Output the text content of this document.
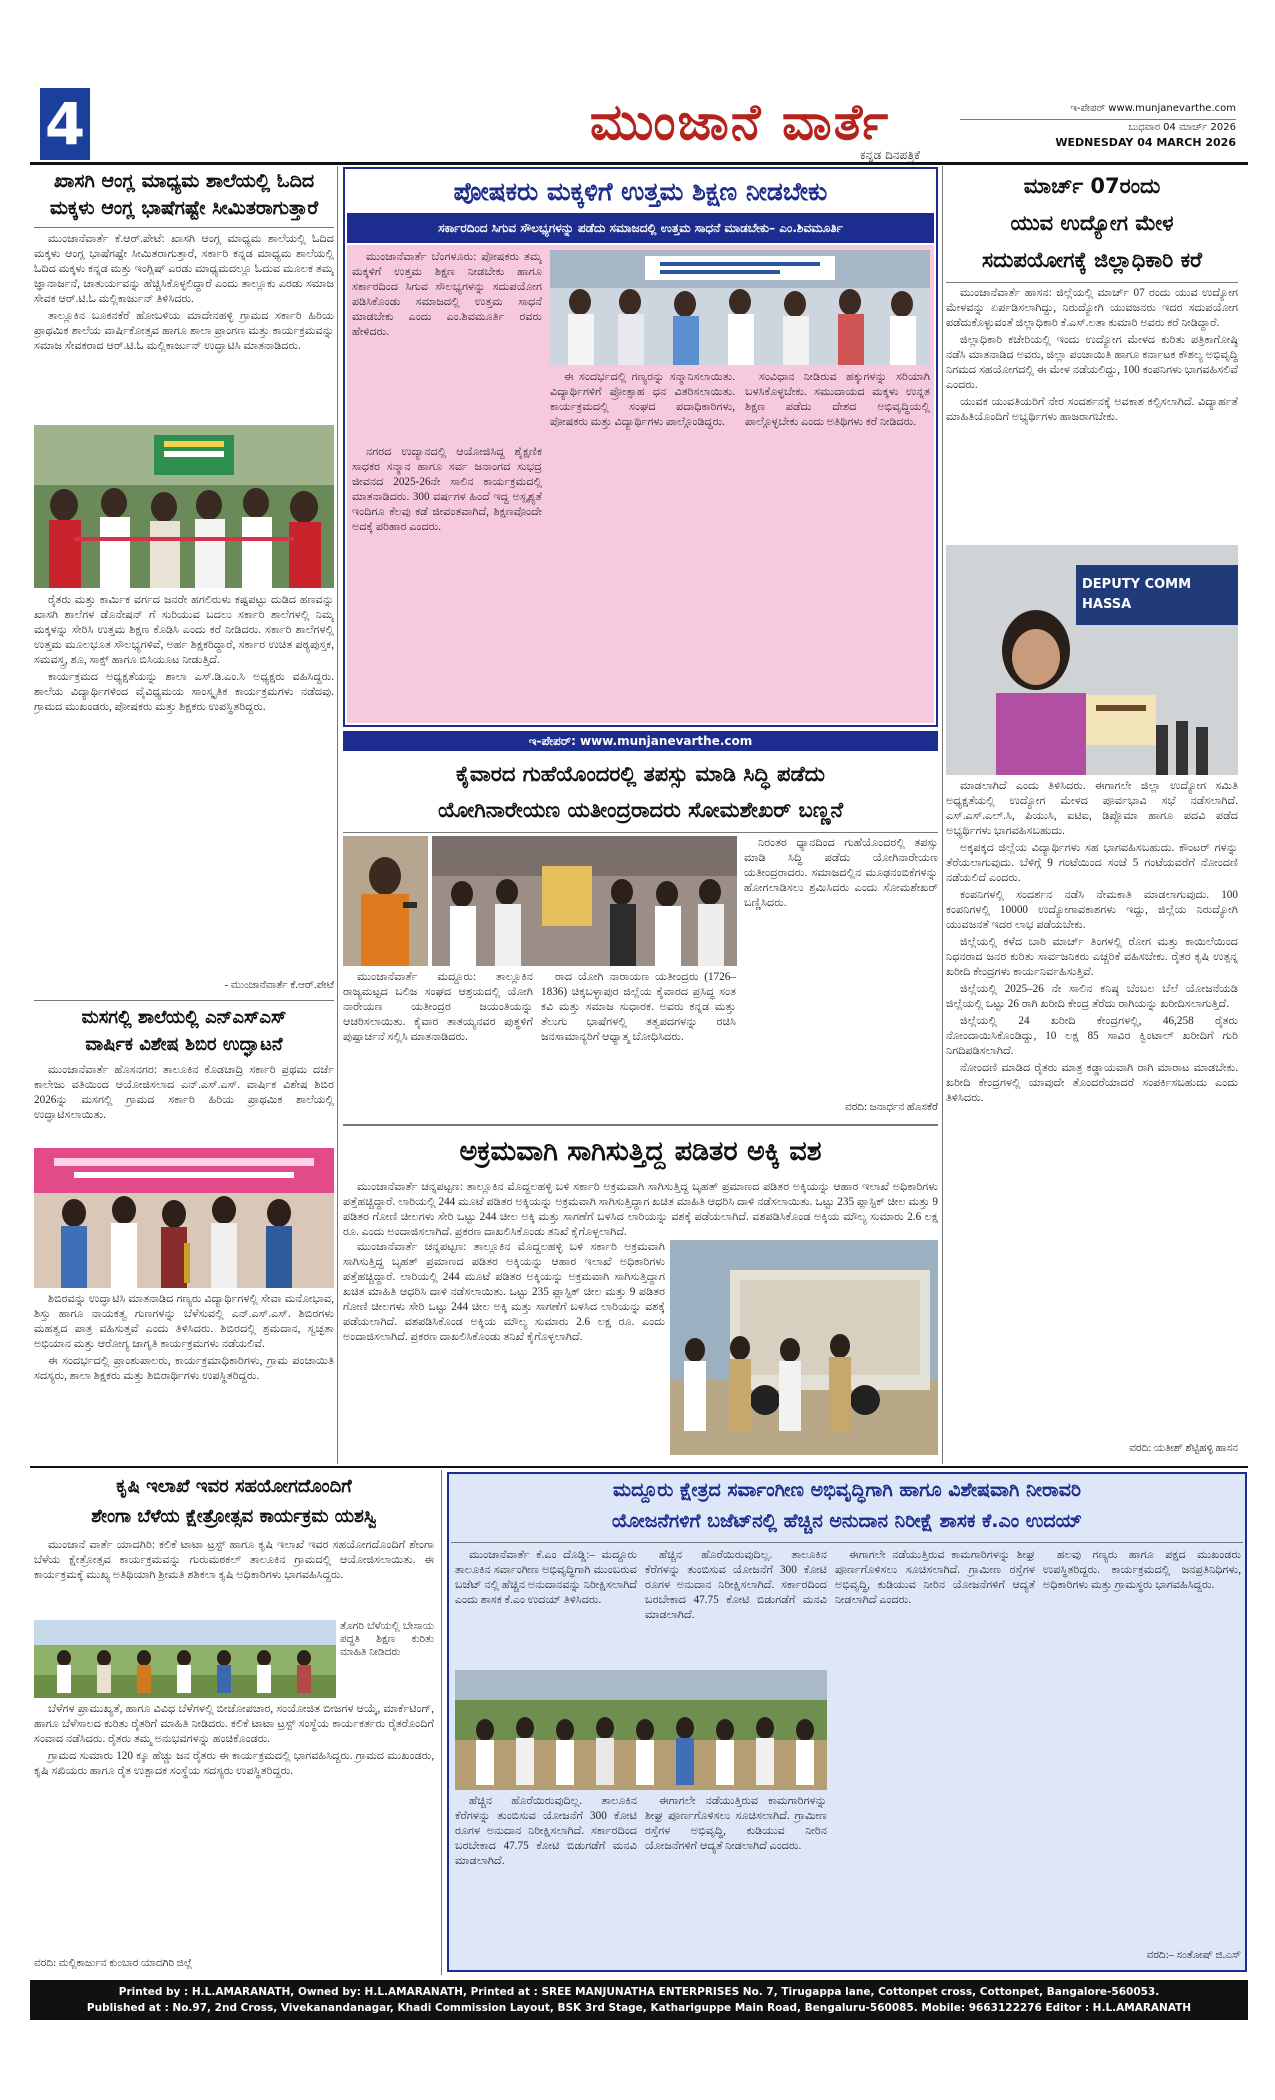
4	ಮುಂಜಾನೆ ವಾರ್ತೆ
ಕನ್ನಡ ದಿನಪತ್ರಿಕೆ
ಇ-ಪೇಪರ್ www.munjanevarthe.com
ಬುಧವಾರ 04 ಮಾರ್ಚ್ 2026
WEDNESDAY 04 MARCH 2026
ಖಾಸಗಿ ಆಂಗ್ಲ ಮಾಧ್ಯಮ ಶಾಲೆಯಲ್ಲಿ ಓದಿದ
ಮಕ್ಕಳು ಆಂಗ್ಲ ಭಾಷೆಗಷ್ಟೇ ಸೀಮಿತರಾಗುತ್ತಾರೆ

ಮುಂಜಾನೆವಾರ್ತೆ ಕೆ.ಆರ್.ಪೇಟೆ: ಖಾಸಗಿ ಆಂಗ್ಲ ಮಾಧ್ಯಮ ಶಾಲೆಯಲ್ಲಿ ಓದಿದ ಮಕ್ಕಳು ಆಂಗ್ಲ ಭಾಷೆಗಷ್ಟೇ ಸೀಮಿತರಾಗುತ್ತಾರೆ, ಸರ್ಕಾರಿ ಕನ್ನಡ ಮಾಧ್ಯಮ ಶಾಲೆಯಲ್ಲಿ ಓದಿದ ಮಕ್ಕಳು ಕನ್ನಡ ಮತ್ತು ಇಂಗ್ಲಿಷ್ ಎರಡು ಮಾಧ್ಯಮದಲ್ಲೂ ಓದುವ ಮೂಲಕ ತಮ್ಮ ಜ್ಞಾನಾರ್ಜನೆ, ಚಾತುರ್ಯವನ್ನು ಹೆಚ್ಚಿಸಿಕೊಳ್ಳಲಿದ್ದಾರೆ ಎಂದು ತಾಲ್ಲೂಕು ಎರಡು ಸಮಾಜ ಸೇವಕ ಆರ್.ಟಿ.ಓ ಮಲ್ಲಿಕಾರ್ಜುನ್ ತಿಳಿಸಿದರು.

ತಾಲ್ಲೂಕಿನ ಬೂಕನಕೆರೆ ಹೋಬಳಿಯ ಮಾದೇನಹಳ್ಳಿ ಗ್ರಾಮದ ಸರ್ಕಾರಿ ಹಿರಿಯ ಪ್ರಾಥಮಿಕ ಶಾಲೆಯ ವಾರ್ಷಿಕೋತ್ಸವ ಹಾಗೂ ಶಾಲಾ ಪ್ರಾಂಗಣ ಮತ್ತು ಕಾರ್ಯಕ್ರಮವನ್ನು ಸಮಾಜ ಸೇವಕರಾದ ಆರ್.ಟಿ.ಓ ಮಲ್ಲಿಕಾರ್ಜುನ್ ಉದ್ಘಾಟಿಸಿ ಮಾತನಾಡಿದರು.

ರೈತರು ಮತ್ತು ಕಾರ್ಮಿಕ ವರ್ಗದ ಜನರೇ ಹಗಲಿರುಳು ಕಷ್ಟಪಟ್ಟು ದುಡಿದ ಹಣವನ್ನು ಖಾಸಗಿ ಶಾಲೆಗಳ ಡೊನೇಷನ್ ಗೆ ಸುರಿಯುವ ಬದಲು ಸರ್ಕಾರಿ ಶಾಲೆಗಳಲ್ಲಿ ನಿಮ್ಮ ಮಕ್ಕಳನ್ನು ಸೇರಿಸಿ ಉತ್ತಮ ಶಿಕ್ಷಣ ಕೊಡಿಸಿ ಎಂದು ಕರೆ ನೀಡಿದರು. ಸರ್ಕಾರಿ ಶಾಲೆಗಳಲ್ಲಿ ಉತ್ತಮ ಮೂಲಭೂತ ಸೌಲಭ್ಯಗಳಿವೆ, ಅರ್ಹ ಶಿಕ್ಷಕರಿದ್ದಾರೆ, ಸರ್ಕಾರ ಉಚಿತ ಪಠ್ಯಪುಸ್ತಕ, ಸಮವಸ್ತ್ರ, ಶೂ, ಸಾಕ್ಸ್ ಹಾಗೂ ಬಿಸಿಯೂಟ ನೀಡುತ್ತಿದೆ.

ಕಾರ್ಯಕ್ರಮದ ಅಧ್ಯಕ್ಷತೆಯನ್ನು ಶಾಲಾ ಎಸ್.ಡಿ.ಎಂ.ಸಿ ಅಧ್ಯಕ್ಷರು ವಹಿಸಿದ್ದರು. ಶಾಲೆಯ ವಿದ್ಯಾರ್ಥಿಗಳಿಂದ ವೈವಿಧ್ಯಮಯ ಸಾಂಸ್ಕೃತಿಕ ಕಾರ್ಯಕ್ರಮಗಳು ನಡೆದವು. ಗ್ರಾಮದ ಮುಖಂಡರು, ಪೋಷಕರು ಮತ್ತು ಶಿಕ್ಷಕರು ಉಪಸ್ಥಿತರಿದ್ದರು.

- ಮುಂಜಾನೆವಾರ್ತೆ ಕೆ.ಆರ್.ಪೇಟೆ
ಮಸಗಲ್ಲಿ ಶಾಲೆಯಲ್ಲಿ ಎನ್‌ಎಸ್‌ಎಸ್
ವಾರ್ಷಿಕ ವಿಶೇಷ ಶಿಬಿರ ಉದ್ಘಾಟನೆ

ಮುಂಜಾನೆವಾರ್ತೆ ಹೊಸನಗರ: ತಾಲೂಕಿನ ಕೊಡಚಾದ್ರಿ ಸರ್ಕಾರಿ ಪ್ರಥಮ ದರ್ಜೆ ಕಾಲೇಜು ವತಿಯಿಂದ ಆಯೋಜಿಸಲಾದ ಎನ್.ಎಸ್.ಎಸ್. ವಾರ್ಷಿಕ ವಿಶೇಷ ಶಿಬಿರ 2026ನ್ನು ಮಸಗಲ್ಲಿ ಗ್ರಾಮದ ಸರ್ಕಾರಿ ಹಿರಿಯ ಪ್ರಾಥಮಿಕ ಶಾಲೆಯಲ್ಲಿ ಉದ್ಘಾಟಿಸಲಾಯಿತು.

ಶಿಬಿರವನ್ನು ಉದ್ಘಾಟಿಸಿ ಮಾತನಾಡಿದ ಗಣ್ಯರು ವಿದ್ಯಾರ್ಥಿಗಳಲ್ಲಿ ಸೇವಾ ಮನೋಭಾವ, ಶಿಸ್ತು ಹಾಗೂ ನಾಯಕತ್ವ ಗುಣಗಳನ್ನು ಬೆಳೆಸುವಲ್ಲಿ ಎನ್.ಎಸ್.ಎಸ್. ಶಿಬಿರಗಳು ಮಹತ್ವದ ಪಾತ್ರ ವಹಿಸುತ್ತವೆ ಎಂದು ತಿಳಿಸಿದರು. ಶಿಬಿರದಲ್ಲಿ ಶ್ರಮದಾನ, ಸ್ವಚ್ಛತಾ ಅಭಿಯಾನ ಮತ್ತು ಆರೋಗ್ಯ ಜಾಗೃತಿ ಕಾರ್ಯಕ್ರಮಗಳು ನಡೆಯಲಿವೆ.

ಈ ಸಂದರ್ಭದಲ್ಲಿ ಪ್ರಾಂಶುಪಾಲರು, ಕಾರ್ಯಕ್ರಮಾಧಿಕಾರಿಗಳು, ಗ್ರಾಮ ಪಂಚಾಯಿತಿ ಸದಸ್ಯರು, ಶಾಲಾ ಶಿಕ್ಷಕರು ಮತ್ತು ಶಿಬಿರಾರ್ಥಿಗಳು ಉಪಸ್ಥಿತರಿದ್ದರು.

ಪೋಷಕರು ಮಕ್ಕಳಿಗೆ ಉತ್ತಮ ಶಿಕ್ಷಣ ನೀಡಬೇಕು
ಸರ್ಕಾರದಿಂದ ಸಿಗುವ ಸೌಲಭ್ಯಗಳನ್ನು ಪಡೆದು ಸಮಾಜದಲ್ಲಿ ಉತ್ತಮ ಸಾಧನೆ ಮಾಡಬೇಕು– ಎಂ.ಶಿವಮೂರ್ತಿ

ಮುಂಜಾನೆವಾರ್ತೆ ಬೆಂಗಳೂರು: ಪೋಷಕರು ತಮ್ಮ ಮಕ್ಕಳಿಗೆ ಉತ್ತಮ ಶಿಕ್ಷಣ ನೀಡಬೇಕು ಹಾಗೂ ಸರ್ಕಾರದಿಂದ ಸಿಗುವ ಸೌಲಭ್ಯಗಳನ್ನು ಸದುಪಯೋಗ ಪಡಿಸಿಕೊಂಡು ಸಮಾಜದಲ್ಲಿ ಉತ್ತಮ ಸಾಧನೆ ಮಾಡಬೇಕು ಎಂದು ಎಂ.ಶಿವಮೂರ್ತಿ ರವರು ಹೇಳಿದರು.

ನಗರದ ಉದ್ಯಾನದಲ್ಲಿ ಆಯೋಜಿಸಿದ್ದ ಶೈಕ್ಷಣಿಕ ಸಾಧಕರ ಸನ್ಮಾನ ಹಾಗೂ ಸರ್ವ ಜನಾಂಗದ ಸುಭದ್ರ ಜೀವನದ 2025-26ನೇ ಸಾಲಿನ ಕಾರ್ಯಕ್ರಮದಲ್ಲಿ ಮಾತನಾಡಿದರು. 300 ವರ್ಷಗಳ ಹಿಂದೆ ಇದ್ದ ಅಸ್ಪೃಶ್ಯತೆ ಇಂದಿಗೂ ಕೆಲವು ಕಡೆ ಜೀವಂತವಾಗಿದೆ, ಶಿಕ್ಷಣವೊಂದೇ ಅದಕ್ಕೆ ಪರಿಹಾರ ಎಂದರು.

ಈ ಸಂದರ್ಭದಲ್ಲಿ ಗಣ್ಯರನ್ನು ಸನ್ಮಾನಿಸಲಾಯಿತು. ವಿದ್ಯಾರ್ಥಿಗಳಿಗೆ ಪ್ರೋತ್ಸಾಹ ಧನ ವಿತರಿಸಲಾಯಿತು. ಕಾರ್ಯಕ್ರಮದಲ್ಲಿ ಸಂಘದ ಪದಾಧಿಕಾರಿಗಳು, ಪೋಷಕರು ಮತ್ತು ವಿದ್ಯಾರ್ಥಿಗಳು ಪಾಲ್ಗೊಂಡಿದ್ದರು.

ಸಂವಿಧಾನ ನೀಡಿರುವ ಹಕ್ಕುಗಳನ್ನು ಸರಿಯಾಗಿ ಬಳಸಿಕೊಳ್ಳಬೇಕು. ಸಮುದಾಯದ ಮಕ್ಕಳು ಉನ್ನತ ಶಿಕ್ಷಣ ಪಡೆದು ದೇಶದ ಅಭಿವೃದ್ಧಿಯಲ್ಲಿ ಪಾಲ್ಗೊಳ್ಳಬೇಕು ಎಂದು ಅತಿಥಿಗಳು ಕರೆ ನೀಡಿದರು.

ಇ-ಪೇಪರ್: www.munjanevarthe.com
ಕೈವಾರದ ಗುಹೆಯೊಂದರಲ್ಲಿ ತಪಸ್ಸು ಮಾಡಿ ಸಿದ್ಧಿ ಪಡೆದು
ಯೋಗಿನಾರೇಯಣ ಯತೀಂದ್ರರಾದರು ಸೋಮಶೇಖರ್ ಬಣ್ಣನೆ

ಮುಂಜಾನೆವಾರ್ತೆ ಮದ್ದೂರು: ತಾಲ್ಲೂಕಿನ ರಾಜ್ಯಮಟ್ಟದ ಬಲಿಜ ಸಂಘದ ಆಶ್ರಯದಲ್ಲಿ ಯೋಗಿ ನಾರೇಯಣ ಯತೀಂದ್ರರ ಜಯಂತಿಯನ್ನು ಆಚರಿಸಲಾಯಿತು. ಕೈವಾರ ತಾತಯ್ಯನವರ ಪುತ್ಥಳಿಗೆ ಪುಷ್ಪಾರ್ಚನೆ ಸಲ್ಲಿಸಿ ಮಾತನಾಡಿದರು.

ರಾದ ಯೋಗಿ ನಾರಾಯಣ ಯತೀಂದ್ರರು (1726–1836) ಚಿಕ್ಕಬಳ್ಳಾಪುರ ಜಿಲ್ಲೆಯ ಕೈವಾರದ ಪ್ರಸಿದ್ಧ ಸಂತ ಕವಿ ಮತ್ತು ಸಮಾಜ ಸುಧಾರಕ. ಅವರು ಕನ್ನಡ ಮತ್ತು ತೆಲುಗು ಭಾಷೆಗಳಲ್ಲಿ ತತ್ವಪದಗಳನ್ನು ರಚಿಸಿ ಜನಸಾಮಾನ್ಯರಿಗೆ ಆಧ್ಯಾತ್ಮ ಬೋಧಿಸಿದರು.

ನಿರಂತರ ಧ್ಯಾನದಿಂದ ಗುಹೆಯೊಂದರಲ್ಲಿ ತಪಸ್ಸು ಮಾಡಿ ಸಿದ್ಧಿ ಪಡೆದು ಯೋಗಿನಾರೇಯಣ ಯತೀಂದ್ರರಾದರು. ಸಮಾಜದಲ್ಲಿನ ಮೂಢನಂಬಿಕೆಗಳನ್ನು ಹೋಗಲಾಡಿಸಲು ಶ್ರಮಿಸಿದರು ಎಂದು ಸೋಮಶೇಖರ್ ಬಣ್ಣಿಸಿದರು.

ವರದಿ: ಜನಾರ್ಧನ ಹೊಸಕೆರೆ
ಅಕ್ರಮವಾಗಿ ಸಾಗಿಸುತ್ತಿದ್ದ ಪಡಿತರ ಅಕ್ಕಿ ವಶ

ಮುಂಜಾನೆವಾರ್ತೆ ಚನ್ನಪಟ್ಟಣ: ತಾಲ್ಲೂಕಿನ ಮೊದ್ದಲಹಳ್ಳಿ ಬಳಿ ಸರ್ಕಾರಿ ಅಕ್ರಮವಾಗಿ ಸಾಗಿಸುತ್ತಿದ್ದ ಬೃಹತ್ ಪ್ರಮಾಣದ ಪಡಿತರ ಅಕ್ಕಿಯನ್ನು ಆಹಾರ ಇಲಾಖೆ ಅಧಿಕಾರಿಗಳು ಪತ್ತೆಹಚ್ಚಿದ್ದಾರೆ. ಲಾರಿಯಲ್ಲಿ 244 ಮೂಟೆ ಪಡಿತರ ಅಕ್ಕಿಯನ್ನು ಅಕ್ರಮವಾಗಿ ಸಾಗಿಸುತ್ತಿದ್ದಾಗ ಖಚಿತ ಮಾಹಿತಿ ಆಧರಿಸಿ ದಾಳಿ ನಡೆಸಲಾಯಿತು. ಒಟ್ಟು 235 ಪ್ಲಾಸ್ಟಿಕ್ ಚೀಲ ಮತ್ತು 9 ಪಡಿತರ ಗೋಣಿ ಚೀಲಗಳು ಸೇರಿ ಒಟ್ಟು 244 ಚೀಲ ಅಕ್ಕಿ ಮತ್ತು ಸಾಗಣೆಗೆ ಬಳಸಿದ ಲಾರಿಯನ್ನು ವಶಕ್ಕೆ ಪಡೆಯಲಾಗಿದೆ. ವಶಪಡಿಸಿಕೊಂಡ ಅಕ್ಕಿಯ ಮೌಲ್ಯ ಸುಮಾರು 2.6 ಲಕ್ಷ ರೂ. ಎಂದು ಅಂದಾಜಿಸಲಾಗಿದೆ. ಪ್ರಕರಣ ದಾಖಲಿಸಿಕೊಂಡು ತನಿಖೆ ಕೈಗೊಳ್ಳಲಾಗಿದೆ.

ಮುಂಜಾನೆವಾರ್ತೆ ಚನ್ನಪಟ್ಟಣ: ತಾಲ್ಲೂಕಿನ ಮೊದ್ದಲಹಳ್ಳಿ ಬಳಿ ಸರ್ಕಾರಿ ಅಕ್ರಮವಾಗಿ ಸಾಗಿಸುತ್ತಿದ್ದ ಬೃಹತ್ ಪ್ರಮಾಣದ ಪಡಿತರ ಅಕ್ಕಿಯನ್ನು ಆಹಾರ ಇಲಾಖೆ ಅಧಿಕಾರಿಗಳು ಪತ್ತೆಹಚ್ಚಿದ್ದಾರೆ. ಲಾರಿಯಲ್ಲಿ 244 ಮೂಟೆ ಪಡಿತರ ಅಕ್ಕಿಯನ್ನು ಅಕ್ರಮವಾಗಿ ಸಾಗಿಸುತ್ತಿದ್ದಾಗ ಖಚಿತ ಮಾಹಿತಿ ಆಧರಿಸಿ ದಾಳಿ ನಡೆಸಲಾಯಿತು. ಒಟ್ಟು 235 ಪ್ಲಾಸ್ಟಿಕ್ ಚೀಲ ಮತ್ತು 9 ಪಡಿತರ ಗೋಣಿ ಚೀಲಗಳು ಸೇರಿ ಒಟ್ಟು 244 ಚೀಲ ಅಕ್ಕಿ ಮತ್ತು ಸಾಗಣೆಗೆ ಬಳಸಿದ ಲಾರಿಯನ್ನು ವಶಕ್ಕೆ ಪಡೆಯಲಾಗಿದೆ. ವಶಪಡಿಸಿಕೊಂಡ ಅಕ್ಕಿಯ ಮೌಲ್ಯ ಸುಮಾರು 2.6 ಲಕ್ಷ ರೂ. ಎಂದು ಅಂದಾಜಿಸಲಾಗಿದೆ. ಪ್ರಕರಣ ದಾಖಲಿಸಿಕೊಂಡು ತನಿಖೆ ಕೈಗೊಳ್ಳಲಾಗಿದೆ.

ಮಾರ್ಚ್ 07ರಂದು
ಯುವ ಉದ್ಯೋಗ ಮೇಳ
ಸದುಪಯೋಗಕ್ಕೆ ಜಿಲ್ಲಾಧಿಕಾರಿ ಕರೆ

ಮುಂಜಾನೆವಾರ್ತೆ ಹಾಸನ: ಜಿಲ್ಲೆಯಲ್ಲಿ ಮಾರ್ಚ್ 07 ರಂದು ಯುವ ಉದ್ಯೋಗ ಮೇಳವನ್ನು ಏರ್ಪಡಿಸಲಾಗಿದ್ದು, ನಿರುದ್ಯೋಗಿ ಯುವಜನರು ಇದರ ಸದುಪಯೋಗ ಪಡೆದುಕೊಳ್ಳುವಂತೆ ಜಿಲ್ಲಾಧಿಕಾರಿ ಕೆ.ಎಸ್.ಲತಾ ಕುಮಾರಿ ಅವರು ಕರೆ ನೀಡಿದ್ದಾರೆ.

ಜಿಲ್ಲಾಧಿಕಾರಿ ಕಚೇರಿಯಲ್ಲಿ ಇಂದು ಉದ್ಯೋಗ ಮೇಳದ ಕುರಿತು ಪತ್ರಿಕಾಗೋಷ್ಠಿ ನಡೆಸಿ ಮಾತನಾಡಿದ ಅವರು, ಜಿಲ್ಲಾ ಪಂಚಾಯಿತಿ ಹಾಗೂ ಕರ್ನಾಟಕ ಕೌಶಲ್ಯ ಅಭಿವೃದ್ಧಿ ನಿಗಮದ ಸಹಯೋಗದಲ್ಲಿ ಈ ಮೇಳ ನಡೆಯಲಿದ್ದು, 100 ಕಂಪನಿಗಳು ಭಾಗವಹಿಸಲಿವೆ ಎಂದರು.

ಯುವಕ ಯುವತಿಯರಿಗೆ ನೇರ ಸಂದರ್ಶನಕ್ಕೆ ಅವಕಾಶ ಕಲ್ಪಿಸಲಾಗಿದೆ. ವಿದ್ಯಾರ್ಹತೆ ಮಾಹಿತಿಯೊಂದಿಗೆ ಅಭ್ಯರ್ಥಿಗಳು ಹಾಜರಾಗಬೇಕು.

DEPUTY COMM HASSA

ಮಾಡಲಾಗಿದೆ ಎಂದು ತಿಳಿಸಿದರು. ಈಗಾಗಲೇ ಜಿಲ್ಲಾ ಉದ್ಯೋಗ ಸಮಿತಿ ಅಧ್ಯಕ್ಷತೆಯಲ್ಲಿ ಉದ್ಯೋಗ ಮೇಳದ ಪೂರ್ವಭಾವಿ ಸಭೆ ನಡೆಸಲಾಗಿದೆ. ಎಸ್.ಎಸ್.ಎಲ್.ಸಿ, ಪಿಯುಸಿ, ಐಟಿಐ, ಡಿಪ್ಲೊಮಾ ಹಾಗೂ ಪದವಿ ಪಡೆದ ಅಭ್ಯರ್ಥಿಗಳು ಭಾಗವಹಿಸಬಹುದು.

ಅಕ್ಕಪಕ್ಕದ ಜಿಲ್ಲೆಯ ವಿದ್ಯಾರ್ಥಿಗಳು ಸಹ ಭಾಗವಹಿಸಬಹುದು. ಕೌಂಟರ್ ಗಳನ್ನು ತೆರೆಯಲಾಗುವುದು. ಬೆಳಿಗ್ಗೆ 9 ಗಂಟೆಯಿಂದ ಸಂಜೆ 5 ಗಂಟೆಯವರೆಗೆ ನೋಂದಣಿ ನಡೆಯಲಿದೆ ಎಂದರು.

ಕಂಪನಿಗಳಲ್ಲಿ ಸಂದರ್ಶನ ನಡೆಸಿ ನೇಮಕಾತಿ ಮಾಡಲಾಗುವುದು. 100 ಕಂಪನಿಗಳಲ್ಲಿ 10000 ಉದ್ಯೋಗಾವಕಾಶಗಳು ಇದ್ದು, ಜಿಲ್ಲೆಯ ನಿರುದ್ಯೋಗಿ ಯುವಜನತೆ ಇದರ ಲಾಭ ಪಡೆಯಬೇಕು.

ಜಿಲ್ಲೆಯಲ್ಲಿ ಕಳೆದ ಬಾರಿ ಮಾರ್ಚ್ ತಿಂಗಳಲ್ಲಿ ರೋಗ ಮತ್ತು ಕಾಯಿಲೆಯಿಂದ ನಿಧನರಾದ ಜನರ ಕುರಿತು ಸಾರ್ವಜನಿಕರು ಎಚ್ಚರಿಕೆ ವಹಿಸಬೇಕು. ರೈತರ ಕೃಷಿ ಉತ್ಪನ್ನ ಖರೀದಿ ಕೇಂದ್ರಗಳು ಕಾರ್ಯನಿರ್ವಹಿಸುತ್ತಿವೆ.

ಜಿಲ್ಲೆಯಲ್ಲಿ 2025–26 ನೇ ಸಾಲಿನ ಕನಿಷ್ಠ ಬೆಂಬಲ ಬೆಲೆ ಯೋಜನೆಯಡಿ ಜಿಲ್ಲೆಯಲ್ಲಿ ಒಟ್ಟು 26 ರಾಗಿ ಖರೀದಿ ಕೇಂದ್ರ ತೆರೆದು ರಾಗಿಯನ್ನು ಖರೀದಿಸಲಾಗುತ್ತಿದೆ.

ಜಿಲ್ಲೆಯಲ್ಲಿ 24 ಖರೀದಿ ಕೇಂದ್ರಗಳಲ್ಲಿ, 46,258 ರೈತರು ನೋಂದಾಯಿಸಿಕೊಂಡಿದ್ದು, 10 ಲಕ್ಷ 85 ಸಾವಿರ ಕ್ವಿಂಟಾಲ್ ಖರೀದಿಗೆ ಗುರಿ ನಿಗದಿಪಡಿಸಲಾಗಿದೆ.

ನೋಂದಣಿ ಮಾಡಿದ ರೈತರು ಮಾತ್ರ ಕಡ್ಡಾಯವಾಗಿ ರಾಗಿ ಮಾರಾಟ ಮಾಡಬೇಕು. ಖರೀದಿ ಕೇಂದ್ರಗಳಲ್ಲಿ ಯಾವುದೇ ತೊಂದರೆಯಾದರೆ ಸಂಪರ್ಕಿಸಬಹುದು ಎಂದು ತಿಳಿಸಿದರು.

ವರದಿ: ಯತೀಶ್ ಶೆಟ್ಟಿಹಳ್ಳಿ ಹಾಸನ
ಕೃಷಿ ಇಲಾಖೆ ಇವರ ಸಹಯೋಗದೊಂದಿಗೆ
ಶೇಂಗಾ ಬೆಳೆಯ ಕ್ಷೇತ್ರೋತ್ಸವ ಕಾರ್ಯಕ್ರಮ ಯಶಸ್ವಿ

ಮುಂಜಾನೆ ವಾರ್ತೆ ಯಾದಗಿರಿ: ಕಲಿಕೆ ಟಾಟಾ ಟ್ರಸ್ಟ್ ಹಾಗೂ ಕೃಷಿ ಇಲಾಖೆ ಇವರ ಸಹಯೋಗದೊಂದಿಗೆ ಶೇಂಗಾ ಬೆಳೆಯ ಕ್ಷೇತ್ರೋತ್ಸವ ಕಾರ್ಯಕ್ರಮವನ್ನು ಗುರುಮಠಕಲ್ ತಾಲೂಕಿನ ಗ್ರಾಮದಲ್ಲಿ ಆಯೋಜಿಸಲಾಯಿತು. ಈ ಕಾರ್ಯಕ್ರಮಕ್ಕೆ ಮುಖ್ಯ ಅತಿಥಿಯಾಗಿ ಶ್ರೀಮತಿ ಶಶಿಕಲಾ ಕೃಷಿ ಅಧಿಕಾರಿಗಳು ಭಾಗವಹಿಸಿದ್ದರು.

ತೊಗರಿ ಬೆಳೆಯಲ್ಲಿ ಬೇಸಾಯ ಪದ್ಧತಿ ಶಿಕ್ಷಣ ಕುರಿತು ಮಾಹಿತಿ ನೀಡಿದರು

ಬೆಳೆಗಳ ಪ್ರಾಮುಖ್ಯತೆ, ಹಾಗೂ ವಿವಿಧ ಬೆಳೆಗಳಲ್ಲಿ ಬೀಜೋಪಚಾರ, ಸಂಯೋಜಿತ ಬೀಜಗಳ ಆಯ್ಕೆ, ಮಾರ್ಕೆಟಿಂಗ್, ಹಾಗೂ ಬೆಳೆಸಾಲದ ಕುರಿತು ರೈತರಿಗೆ ಮಾಹಿತಿ ನೀಡಿದರು. ಕಲಿಕೆ ಟಾಟಾ ಟ್ರಸ್ಟ್ ಸಂಸ್ಥೆಯ ಕಾರ್ಯಕರ್ತರು ರೈತರೊಂದಿಗೆ ಸಂವಾದ ನಡೆಸಿದರು. ರೈತರು ತಮ್ಮ ಅನುಭವಗಳನ್ನು ಹಂಚಿಕೊಂಡರು.

ಗ್ರಾಮದ ಸುಮಾರು 120 ಕ್ಕೂ ಹೆಚ್ಚು ಜನ ರೈತರು ಈ ಕಾರ್ಯಕ್ರಮದಲ್ಲಿ ಭಾಗವಹಿಸಿದ್ದರು. ಗ್ರಾಮದ ಮುಖಂಡರು, ಕೃಷಿ ಸಖಿಯರು ಹಾಗೂ ರೈತ ಉತ್ಪಾದಕ ಸಂಸ್ಥೆಯ ಸದಸ್ಯರು ಉಪಸ್ಥಿತರಿದ್ದರು.

ವರದಿ: ಮಲ್ಲಿಕಾರ್ಜುನ ಕುಂಬಾರ ಯಾದಗಿರಿ ಜಿಲ್ಲೆ
ಮದ್ದೂರು ಕ್ಷೇತ್ರದ ಸರ್ವಾಂಗೀಣ ಅಭಿವೃದ್ಧಿಗಾಗಿ ಹಾಗೂ ವಿಶೇಷವಾಗಿ ನೀರಾವರಿ
ಯೋಜನೆಗಳಿಗೆ ಬಜೆಟ್‌ನಲ್ಲಿ ಹೆಚ್ಚಿನ ಅನುದಾನ ನಿರೀಕ್ಷೆ ಶಾಸಕ ಕೆ.ಎಂ ಉದಯ್

ಮುಂಜಾನೆವಾರ್ತೆ ಕೆ.ಎಂ ದೊಡ್ಡಿ:– ಮದ್ದೂರು ತಾಲೂಕಿನ ಸರ್ವಾಂಗೀಣ ಅಭಿವೃದ್ಧಿಗಾಗಿ ಮುಂಬರುವ ಬಜೆಟ್ ನಲ್ಲಿ ಹೆಚ್ಚಿನ ಅನುದಾನವನ್ನು ನಿರೀಕ್ಷಿಸಲಾಗಿದೆ ಎಂದು ಶಾಸಕ ಕೆ.ಎಂ ಉದಯ್ ತಿಳಿಸಿದರು.

ಹೆಚ್ಚಿನ ಹೊರೆಯಿರುವುದಿಲ್ಲ. ತಾಲೂಕಿನ ಕೆರೆಗಳನ್ನು ತುಂಬಿಸುವ ಯೋಜನೆಗೆ 300 ಕೋಟಿ ರೂಗಳ ಅನುದಾನ ನಿರೀಕ್ಷಿಸಲಾಗಿದೆ. ಸರ್ಕಾರದಿಂದ ಬರಬೇಕಾದ 47.75 ಕೋಟಿ ಬಿಡುಗಡೆಗೆ ಮನವಿ ಮಾಡಲಾಗಿದೆ.

ಹೆಚ್ಚಿನ ಹೊರೆಯಿರುವುದಿಲ್ಲ. ತಾಲೂಕಿನ ಕೆರೆಗಳನ್ನು ತುಂಬಿಸುವ ಯೋಜನೆಗೆ 300 ಕೋಟಿ ರೂಗಳ ಅನುದಾನ ನಿರೀಕ್ಷಿಸಲಾಗಿದೆ. ಸರ್ಕಾರದಿಂದ ಬರಬೇಕಾದ 47.75 ಕೋಟಿ ಬಿಡುಗಡೆಗೆ ಮನವಿ ಮಾಡಲಾಗಿದೆ.

ಈಗಾಗಲೇ ನಡೆಯುತ್ತಿರುವ ಕಾಮಗಾರಿಗಳನ್ನು ಶೀಘ್ರ ಪೂರ್ಣಗೊಳಿಸಲು ಸೂಚಿಸಲಾಗಿದೆ. ಗ್ರಾಮೀಣ ರಸ್ತೆಗಳ ಅಭಿವೃದ್ಧಿ, ಕುಡಿಯುವ ನೀರಿನ ಯೋಜನೆಗಳಿಗೆ ಆದ್ಯತೆ ನೀಡಲಾಗಿದೆ ಎಂದರು.

ಈಗಾಗಲೇ ನಡೆಯುತ್ತಿರುವ ಕಾಮಗಾರಿಗಳನ್ನು ಶೀಘ್ರ ಪೂರ್ಣಗೊಳಿಸಲು ಸೂಚಿಸಲಾಗಿದೆ. ಗ್ರಾಮೀಣ ರಸ್ತೆಗಳ ಅಭಿವೃದ್ಧಿ, ಕುಡಿಯುವ ನೀರಿನ ಯೋಜನೆಗಳಿಗೆ ಆದ್ಯತೆ ನೀಡಲಾಗಿದೆ ಎಂದರು.

ಹಲವು ಗಣ್ಯರು ಹಾಗೂ ಪಕ್ಷದ ಮುಖಂಡರು ಉಪಸ್ಥಿತರಿದ್ದರು. ಕಾರ್ಯಕ್ರಮದಲ್ಲಿ ಜನಪ್ರತಿನಿಧಿಗಳು, ಅಧಿಕಾರಿಗಳು ಮತ್ತು ಗ್ರಾಮಸ್ಥರು ಭಾಗವಹಿಸಿದ್ದರು.

ವರದಿ:– ಸಂತೋಷ್ ಜಿ.ಎಸ್
Printed by : H.L.AMARANATH, Owned by: H.L.AMARANATH, Printed at : SREE MANJUNATHA ENTERPRISES No. 7, Tirugappa lane, Cottonpet cross, Cottonpet, Bangalore-560053.
Published at : No.97, 2nd Cross, Vivekanandanagar, Khadi Commission Layout, BSK 3rd Stage, Kathariguppe Main Road, Bengaluru-560085. Mobile: 9663122276 Editor : H.L.AMARANATH
